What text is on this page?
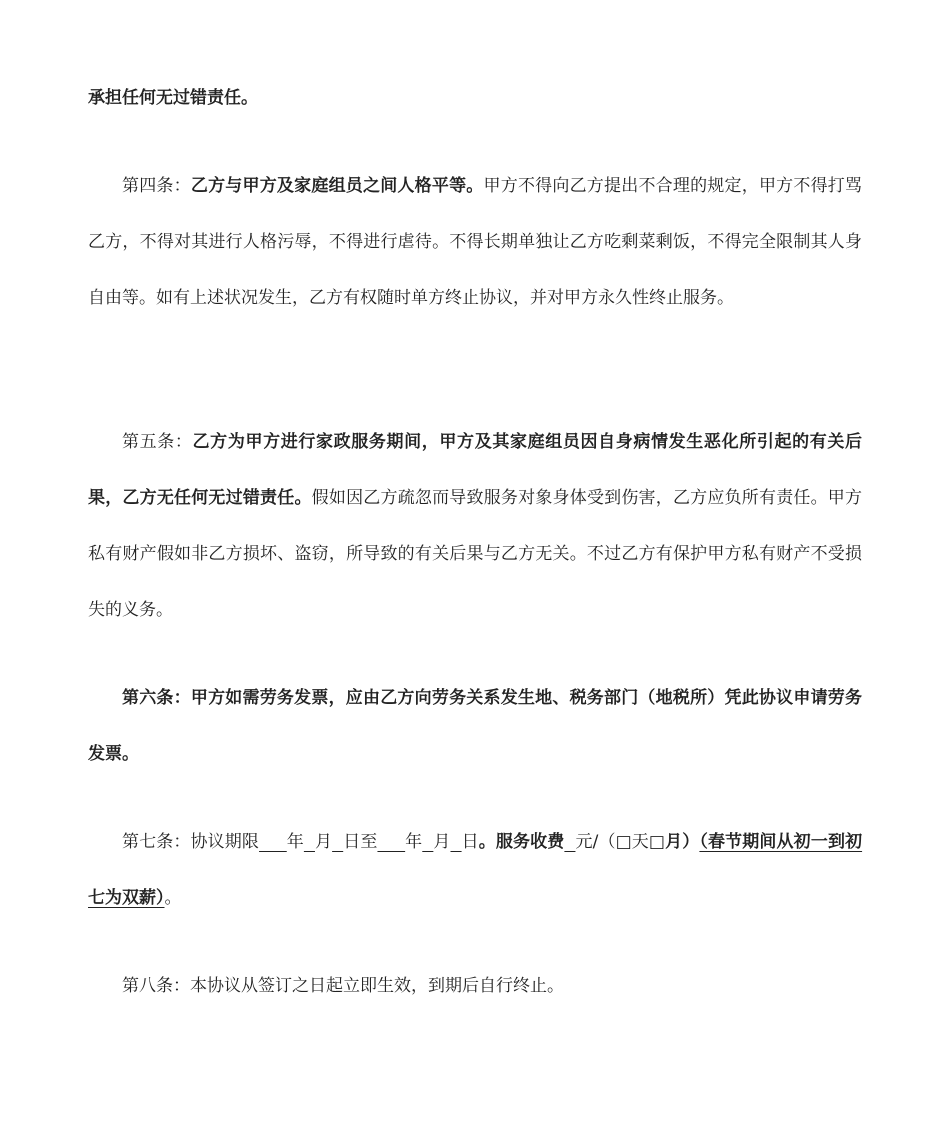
承担任何无过错责任。

第四条：乙方与甲方及家庭组员之间人格平等。甲方不得向乙方提出不合理的规定，甲方不得打骂乙方，不得对其进行人格污辱，不得进行虐待。不得长期单独让乙方吃剩菜剩饭，不得完全限制其人身自由等。如有上述状况发生，乙方有权随时单方终止协议，并对甲方永久性终止服务。

第五条：乙方为甲方进行家政服务期间，甲方及其家庭组员因自身病情发生恶化所引起的有关后果，乙方无任何无过错责任。假如因乙方疏忽而导致服务对象身体受到伤害，乙方应负所有责任。甲方私有财产假如非乙方损坏、盗窃，所导致的有关后果与乙方无关。不过乙方有保护甲方私有财产不受损失的义务。

第六条：甲方如需劳务发票，应由乙方向劳务关系发生地、税务部门（地税所）凭此协议申请劳务发票。

第七条：协议期限 年 月 日至 年 月 日。服务收费 元/（□天□月）（春节期间从初一到初七为双薪）。

第八条：本协议从签订之日起立即生效，到期后自行终止。
